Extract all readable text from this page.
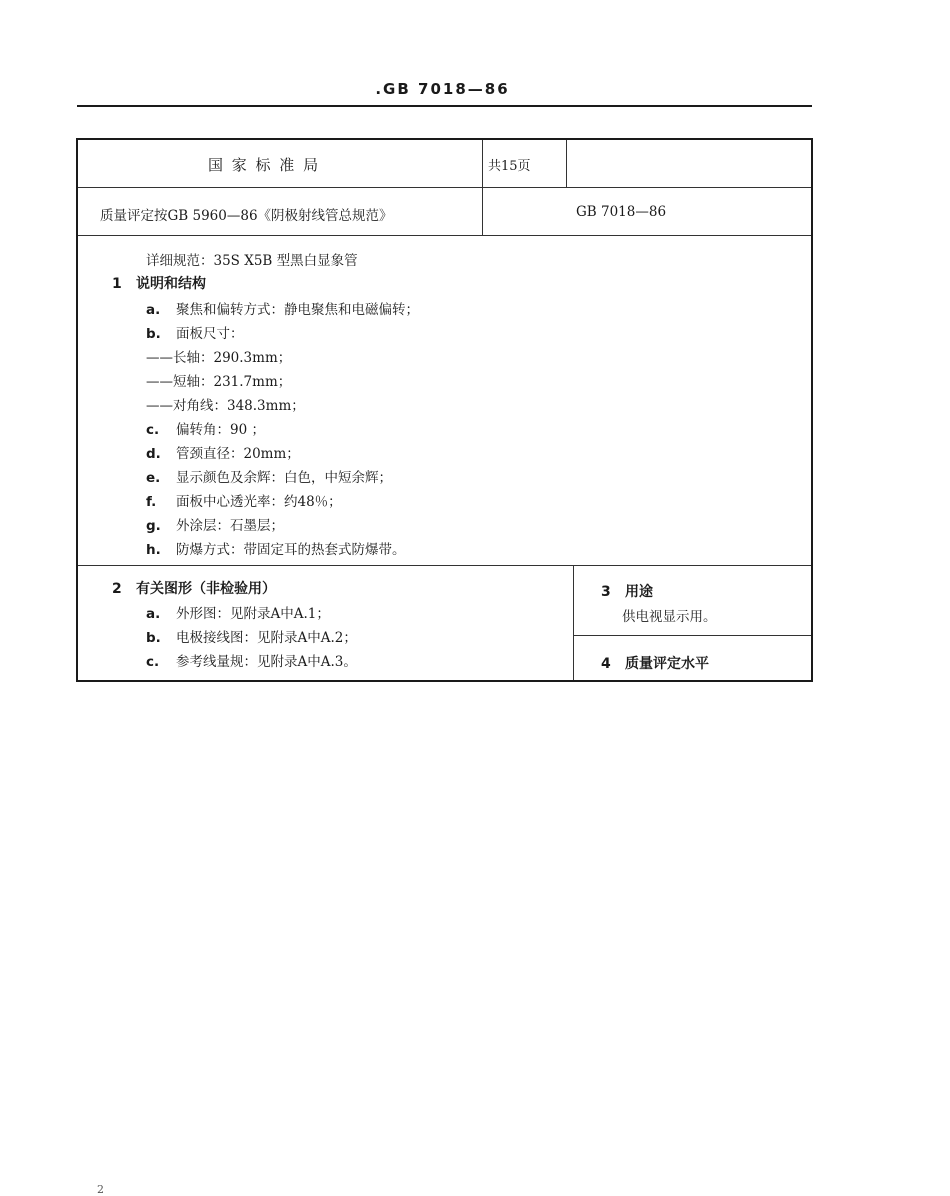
.GB 7018—86
国 家 标 准 局	共15页
质量评定按GB 5960—86《阴极射线管总规范》	GB 7018—86
详细规范：35S X5B 型黑白显象管
1 说明和结构
a. 聚焦和偏转方式：静电聚焦和电磁偏转；
b. 面板尺寸：
——长轴：290.3mm；
——短轴：231.7mm；
——对角线：348.3mm；
c. 偏转角：90 ；
d. 管颈直径：20mm；
e. 显示颜色及余辉：白色，中短余辉；
f. 面板中心透光率：约48％；
g. 外涂层：石墨层；
h. 防爆方式：带固定耳的热套式防爆带。
2 有关图形（非检验用）
a. 外形图：见附录A中A.1；
b. 电极接线图：见附录A中A.2；
c. 参考线量规：见附录A中A.3。
3 用途
供电视显示用。
4 质量评定水平
2
